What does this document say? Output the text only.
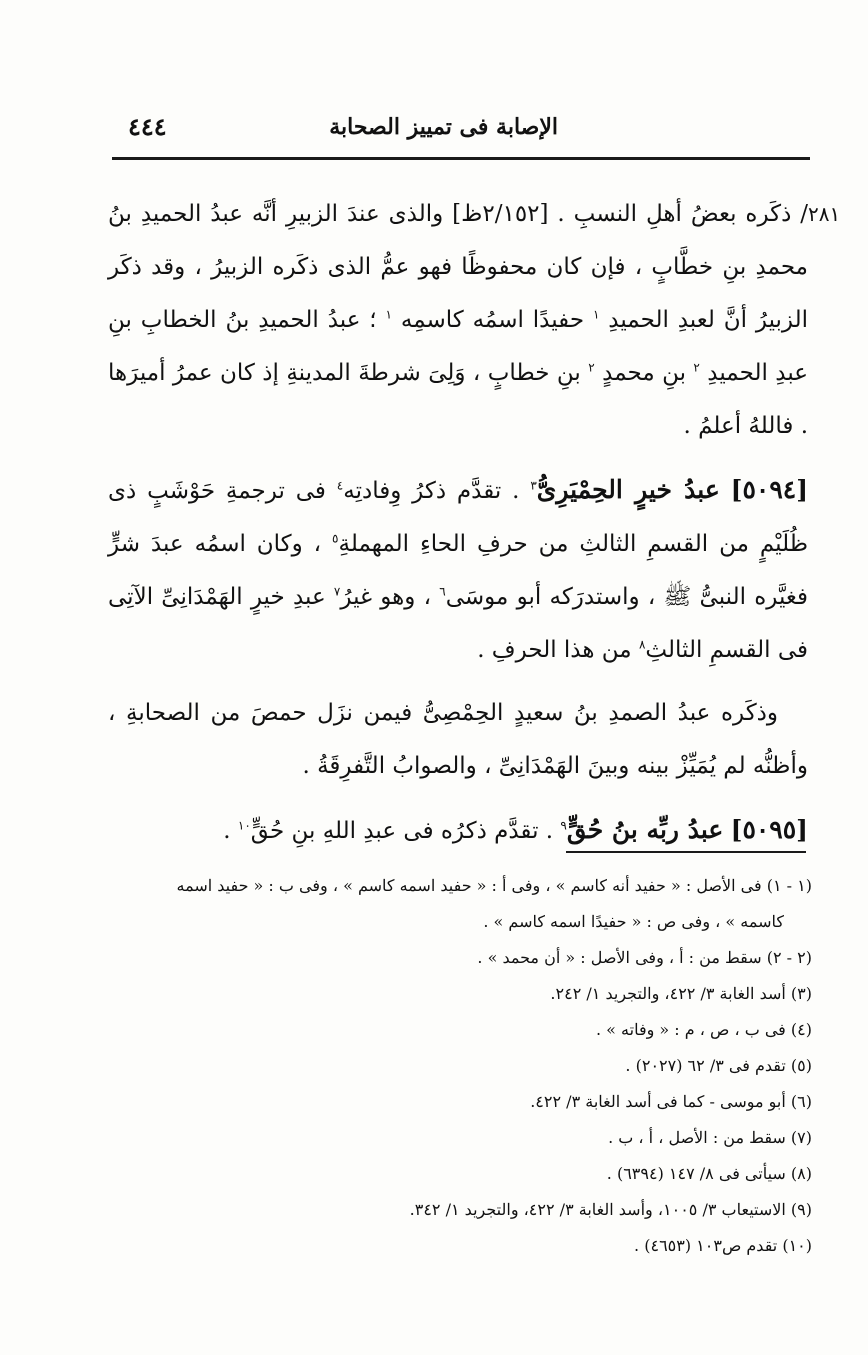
الإصابة فى تمييز الصحابة
٤٤٤
٢٨١

/ ذكَره بعضُ أهلِ النسبِ . [٢/١٥٢ظ] والذى عندَ الزبيرِ أنَّه عبدُ الحميدِ بنُ محمدِ بنِ خطَّابٍ ، فإن كان محفوظًا فهو عمُّ الذى ذكَره الزبيرُ ، وقد ذكَر الزبيرُ أنَّ لعبدِ الحميدِ $^١$ حفيدًا اسمُه كاسمِه $^١$ ؛ عبدُ الحميدِ بنُ الخطابِ بنِ عبدِ الحميدِ $^٢$ بنِ محمدٍ $^٢$ بنِ خطابٍ ، وَلِىَ شرطةَ المدينةِ إذ كان عمرُ أميرَها . فاللهُ أعلمُ .

[٥٠٩٤] عبدُ خيرٍ الحِمْيَرِىُّ$^٣$ . تقدَّم ذكرُ وِفادتِه$^٤$ فى ترجمةِ حَوْشَبٍ ذى ظُلَيْمٍ من القسمِ الثالثِ من حرفِ الحاءِ المهملةِ$^٥$ ، وكان اسمُه عبدَ شرٍّ فغيَّره النبىُّ ﷺ ، واستدرَكه أبو موسَى$^٦$ ، وهو غيرُ$^٧$ عبدِ خيرٍ الهَمْدَانِىِّ الآتِى فى القسمِ الثالثِ$^٨$ من هذا الحرفِ .

وذكَره عبدُ الصمدِ بنُ سعيدٍ الحِمْصِىُّ فيمن نزَل حمصَ من الصحابةِ ، وأظنُّه لم يُمَيِّزْ بينه وبينَ الهَمْدَانِىِّ ، والصوابُ التَّفرِقَةُ .

[٥٠٩٥] عبدُ ربِّه بنُ حُقٍّ$^٩$ . تقدَّم ذكرُه فى عبدِ اللهِ بنِ حُقٍّ$^{١٠}$ .

(١ - ١) فى الأصل : « حفيد أنه كاسم » ، وفى أ : « حفيد اسمه كاسم » ، وفى ب : « حفيد اسمه

كاسمه » ، وفى ص : « حفيدًا اسمه كاسم » .

(٢ - ٢) سقط من : أ ، وفى الأصل : « أن محمد » .

(٣) أسد الغابة ٣/ ٤٢٢، والتجريد ١/ ٢٤٢.

(٤) فى ب ، ص ، م : « وفاته » .

(٥) تقدم فى ٣/ ٦٢ (٢٠٢٧) .

(٦) أبو موسى - كما فى أسد الغابة ٣/ ٤٢٢.

(٧) سقط من : الأصل ، أ ، ب .

(٨) سيأتى فى ٨/ ١٤٧ (٦٣٩٤) .

(٩) الاستيعاب ٣/ ١٠٠٥، وأسد الغابة ٣/ ٤٢٢، والتجريد ١/ ٣٤٢.

(١٠) تقدم ص١٠٣ (٤٦٥٣) .
